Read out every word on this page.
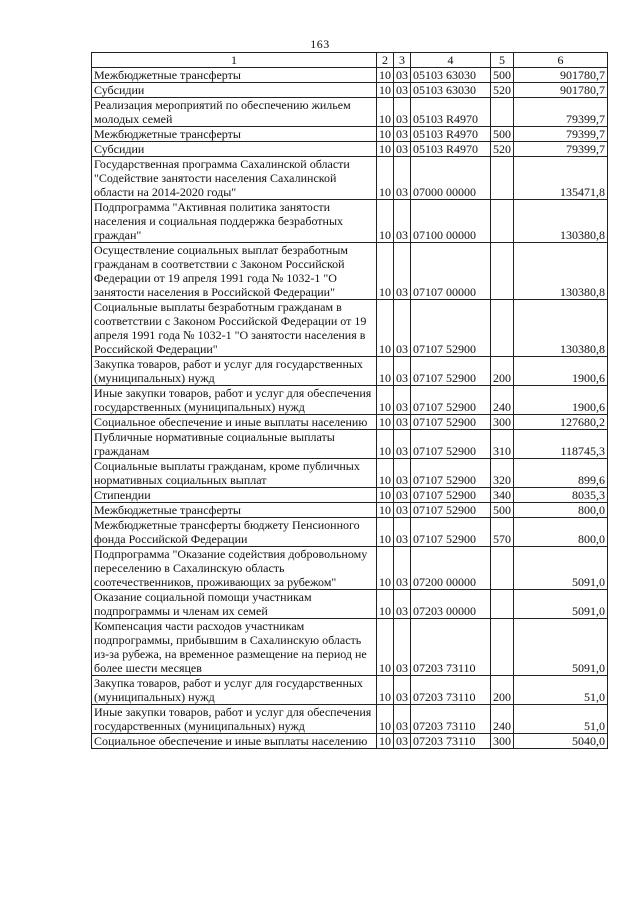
163
1	2	3	4	5	6
Межбюджетные трансферты	10	03	05103 63030	500	901780,7
Субсидии	10	03	05103 63030	520	901780,7
Реализация мероприятий по обеспечению жильем молодых семей	10	03	05103 R4970		79399,7
Межбюджетные трансферты	10	03	05103 R4970	500	79399,7
Субсидии	10	03	05103 R4970	520	79399,7
Государственная программа Сахалинской области "Содействие занятости населения Сахалинской области на 2014-2020 годы"	10	03	07000 00000		135471,8
Подпрограмма "Активная политика занятости населения и социальная поддержка безработных граждан"	10	03	07100 00000		130380,8
Осуществление социальных выплат безработным гражданам в соответствии с Законом Российской Федерации от 19 апреля 1991 года № 1032-1 "О занятости населения в Российской Федерации"	10	03	07107 00000		130380,8
Социальные выплаты безработным гражданам в соответствии с Законом Российской Федерации от 19 апреля 1991 года № 1032-1 "О занятости населения в Российской Федерации"	10	03	07107 52900		130380,8
Закупка товаров, работ и услуг для государственных (муниципальных) нужд	10	03	07107 52900	200	1900,6
Иные закупки товаров, работ и услуг для обеспечения государственных (муниципальных) нужд	10	03	07107 52900	240	1900,6
Социальное обеспечение и иные выплаты населению	10	03	07107 52900	300	127680,2
Публичные нормативные социальные выплаты гражданам	10	03	07107 52900	310	118745,3
Социальные выплаты гражданам, кроме публичных нормативных социальных выплат	10	03	07107 52900	320	899,6
Стипендии	10	03	07107 52900	340	8035,3
Межбюджетные трансферты	10	03	07107 52900	500	800,0
Межбюджетные трансферты бюджету Пенсионного фонда Российской Федерации	10	03	07107 52900	570	800,0
Подпрограмма "Оказание содействия добровольному переселению в Сахалинскую область соотечественников, проживающих за рубежом"	10	03	07200 00000		5091,0
Оказание социальной помощи участникам подпрограммы и членам их семей	10	03	07203 00000		5091,0
Компенсация части расходов участникам подпрограммы, прибывшим в Сахалинскую область из-за рубежа, на временное размещение на период не более шести месяцев	10	03	07203 73110		5091,0
Закупка товаров, работ и услуг для государственных (муниципальных) нужд	10	03	07203 73110	200	51,0
Иные закупки товаров, работ и услуг для обеспечения государственных (муниципальных) нужд	10	03	07203 73110	240	51,0
Социальное обеспечение и иные выплаты населению	10	03	07203 73110	300	5040,0
